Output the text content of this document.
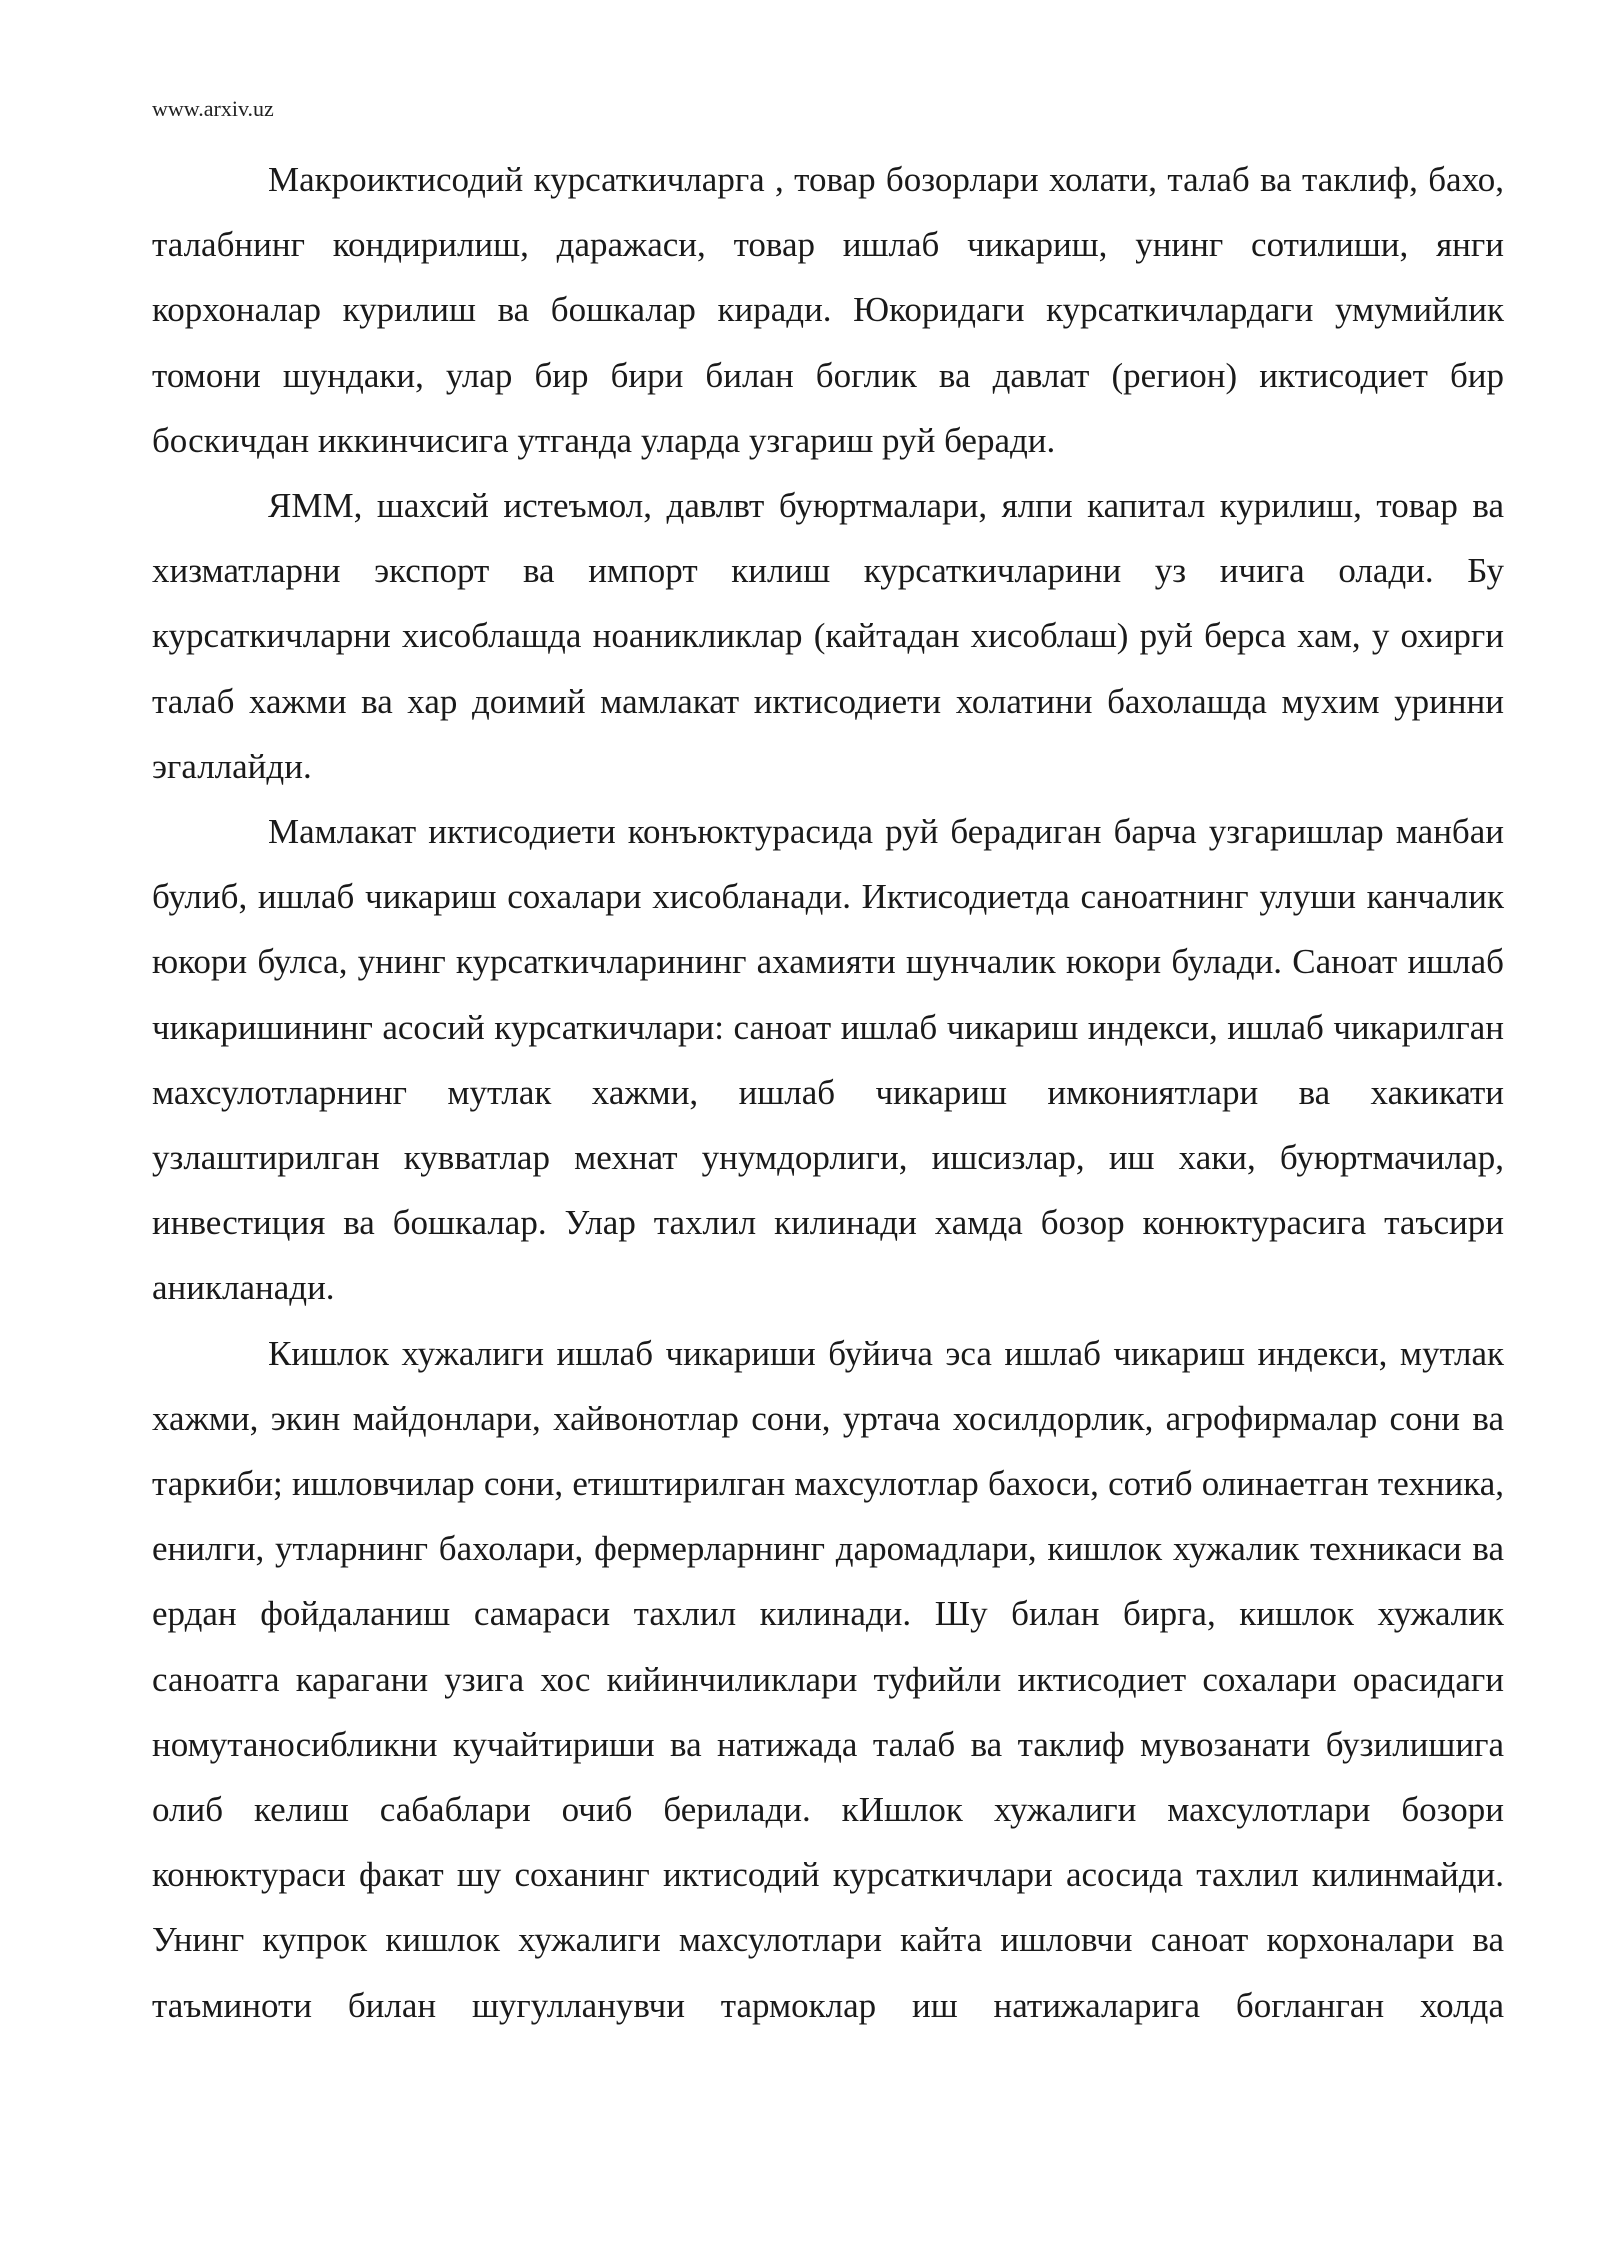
www.arxiv.uz

Макроиктисодий курсаткичларга , товар бозорлари холати, талаб ва таклиф, бахо, талабнинг кондирилиш, даражаси, товар ишлаб чикариш, унинг сотилиши, янги корхоналар курилиш ва бошкалар киради. Юкоридаги курсаткичлардаги умумийлик томони шундаки, улар бир бири билан боглик ва давлат (регион) иктисодиет бир боскичдан иккинчисига утганда уларда узгариш руй беради.

ЯММ, шахсий истеъмол, давлвт буюртмалари, ялпи капитал курилиш, товар ва хизматларни экспорт ва импорт килиш курсаткичларини уз ичига олади. Бу курсаткичларни хисоблашда ноаникликлар (кайтадан хисоблаш) руй берса хам, у охирги талаб хажми ва хар доимий мамлакат иктисодиети холатини бахолашда мухим уринни эгаллайди.

Мамлакат иктисодиети конъюктурасида руй берадиган барча узгаришлар манбаи булиб, ишлаб чикариш сохалари хисобланади. Иктисодиетда саноатнинг улуши канчалик юкори булса, унинг курсаткичларининг ахамияти шунчалик юкори булади. Саноат ишлаб чикаришининг асосий курсаткичлари: саноат ишлаб чикариш индекси, ишлаб чикарилган махсулотларнинг мутлак хажми, ишлаб чикариш имкониятлари ва хакикати узлаштирилган кувватлар мехнат унумдорлиги, ишсизлар, иш хаки, буюртмачилар, инвестиция ва бошкалар. Улар тахлил килинади хамда бозор конюктурасига таъсири аникланади.

Кишлок хужалиги ишлаб чикариши буйича эса ишлаб чикариш индекси, мутлак хажми, экин майдонлари, хайвонотлар сони, уртача хосилдорлик, агрофирмалар сони ва таркиби; ишловчилар сони, етиштирилган махсулотлар бахоси, сотиб олинаетган техника, енилги, утларнинг бахолари, фермерларнинг даромадлари, кишлок хужалик техникаси ва ердан фойдаланиш самараси тахлил килинади. Шу билан бирга, кишлок хужалик саноатга карагани узига хос кийинчиликлари туфийли иктисодиет сохалари орасидаги номутаносибликни кучайтириши ва натижада талаб ва таклиф мувозанати бузилишига олиб келиш сабаблари очиб берилади. кИшлок хужалиги махсулотлари бозори конюктураси факат шу соханинг иктисодий курсаткичлари асосида тахлил килинмайди. Унинг купрок кишлок хужалиги махсулотлари кайта ишловчи саноат корхоналари ва таъминоти билан шугулланувчи тармоклар иш натижаларига богланган холда
